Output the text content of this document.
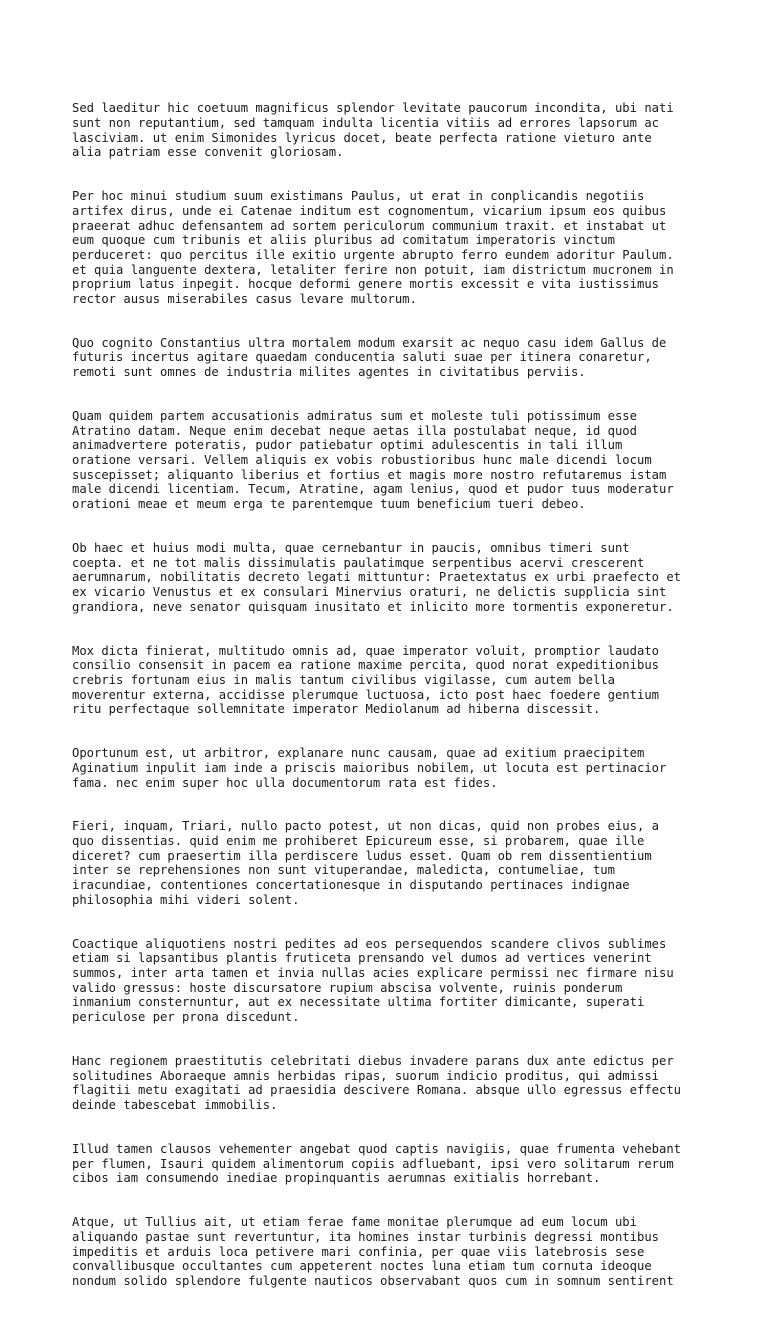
Sed laeditur hic coetuum magnificus splendor levitate paucorum incondita, ubi nati
sunt non reputantium, sed tamquam indulta licentia vitiis ad errores lapsorum ac
lasciviam. ut enim Simonides lyricus docet, beate perfecta ratione vieturo ante
alia patriam esse convenit gloriosam.

Per hoc minui studium suum existimans Paulus, ut erat in conplicandis negotiis
artifex dirus, unde ei Catenae inditum est cognomentum, vicarium ipsum eos quibus
praeerat adhuc defensantem ad sortem periculorum communium traxit. et instabat ut
eum quoque cum tribunis et aliis pluribus ad comitatum imperatoris vinctum
perduceret: quo percitus ille exitio urgente abrupto ferro eundem adoritur Paulum.
et quia languente dextera, letaliter ferire non potuit, iam districtum mucronem in
proprium latus inpegit. hocque deformi genere mortis excessit e vita iustissimus
rector ausus miserabiles casus levare multorum.

Quo cognito Constantius ultra mortalem modum exarsit ac nequo casu idem Gallus de
futuris incertus agitare quaedam conducentia saluti suae per itinera conaretur,
remoti sunt omnes de industria milites agentes in civitatibus perviis.

Quam quidem partem accusationis admiratus sum et moleste tuli potissimum esse
Atratino datam. Neque enim decebat neque aetas illa postulabat neque, id quod
animadvertere poteratis, pudor patiebatur optimi adulescentis in tali illum
oratione versari. Vellem aliquis ex vobis robustioribus hunc male dicendi locum
suscepisset; aliquanto liberius et fortius et magis more nostro refutaremus istam
male dicendi licentiam. Tecum, Atratine, agam lenius, quod et pudor tuus moderatur
orationi meae et meum erga te parentemque tuum beneficium tueri debeo.

Ob haec et huius modi multa, quae cernebantur in paucis, omnibus timeri sunt
coepta. et ne tot malis dissimulatis paulatimque serpentibus acervi crescerent
aerumnarum, nobilitatis decreto legati mittuntur: Praetextatus ex urbi praefecto et
ex vicario Venustus et ex consulari Minervius oraturi, ne delictis supplicia sint
grandiora, neve senator quisquam inusitato et inlicito more tormentis exponeretur.

Mox dicta finierat, multitudo omnis ad, quae imperator voluit, promptior laudato
consilio consensit in pacem ea ratione maxime percita, quod norat expeditionibus
crebris fortunam eius in malis tantum civilibus vigilasse, cum autem bella
moverentur externa, accidisse plerumque luctuosa, icto post haec foedere gentium
ritu perfectaque sollemnitate imperator Mediolanum ad hiberna discessit.

Oportunum est, ut arbitror, explanare nunc causam, quae ad exitium praecipitem
Aginatium inpulit iam inde a priscis maioribus nobilem, ut locuta est pertinacior
fama. nec enim super hoc ulla documentorum rata est fides.

Fieri, inquam, Triari, nullo pacto potest, ut non dicas, quid non probes eius, a
quo dissentias. quid enim me prohiberet Epicureum esse, si probarem, quae ille
diceret? cum praesertim illa perdiscere ludus esset. Quam ob rem dissentientium
inter se reprehensiones non sunt vituperandae, maledicta, contumeliae, tum
iracundiae, contentiones concertationesque in disputando pertinaces indignae
philosophia mihi videri solent.

Coactique aliquotiens nostri pedites ad eos persequendos scandere clivos sublimes
etiam si lapsantibus plantis fruticeta prensando vel dumos ad vertices venerint
summos, inter arta tamen et invia nullas acies explicare permissi nec firmare nisu
valido gressus: hoste discursatore rupium abscisa volvente, ruinis ponderum
inmanium consternuntur, aut ex necessitate ultima fortiter dimicante, superati
periculose per prona discedunt.

Hanc regionem praestitutis celebritati diebus invadere parans dux ante edictus per
solitudines Aboraeque amnis herbidas ripas, suorum indicio proditus, qui admissi
flagitii metu exagitati ad praesidia descivere Romana. absque ullo egressus effectu
deinde tabescebat immobilis.

Illud tamen clausos vehementer angebat quod captis navigiis, quae frumenta vehebant
per flumen, Isauri quidem alimentorum copiis adfluebant, ipsi vero solitarum rerum
cibos iam consumendo inediae propinquantis aerumnas exitialis horrebant.

Atque, ut Tullius ait, ut etiam ferae fame monitae plerumque ad eum locum ubi
aliquando pastae sunt revertuntur, ita homines instar turbinis degressi montibus
impeditis et arduis loca petivere mari confinia, per quae viis latebrosis sese
convallibusque occultantes cum appeterent noctes luna etiam tum cornuta ideoque
nondum solido splendore fulgente nauticos observabant quos cum in somnum sentirent
